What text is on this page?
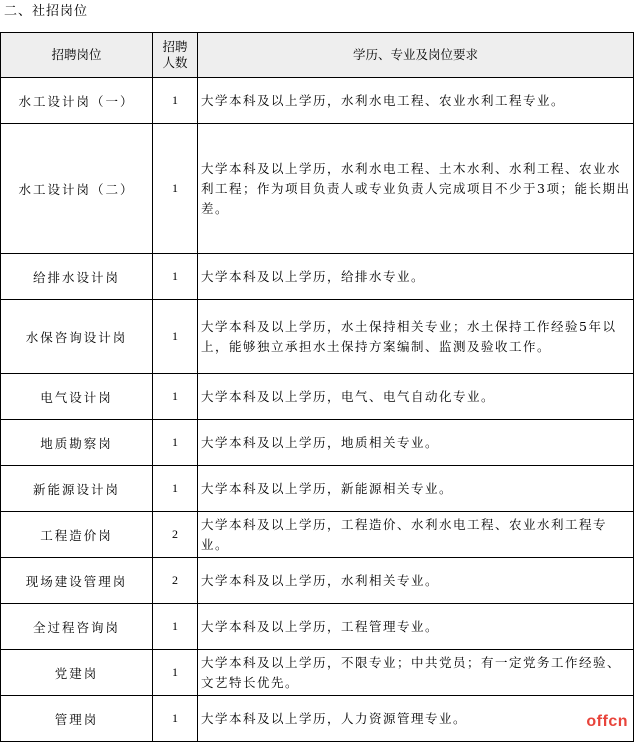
二、社招岗位
招聘岗位	招聘人数	学历、专业及岗位要求
水工设计岗（一）	1	大学本科及以上学历，水利水电工程、农业水利工程专业。
水工设计岗（二）	1	大学本科及以上学历，水利水电工程、土木水利、水利工程、农业水利工程；作为项目负责人或专业负责人完成项目不少于3项；能长期出差。
给排水设计岗	1	大学本科及以上学历，给排水专业。
水保咨询设计岗	1	大学本科及以上学历，水土保持相关专业；水土保持工作经验5年以上，能够独立承担水土保持方案编制、监测及验收工作。
电气设计岗	1	大学本科及以上学历，电气、电气自动化专业。
地质勘察岗	1	大学本科及以上学历，地质相关专业。
新能源设计岗	1	大学本科及以上学历，新能源相关专业。
工程造价岗	2	大学本科及以上学历，工程造价、水利水电工程、农业水利工程专业。
现场建设管理岗	2	大学本科及以上学历，水利相关专业。
全过程咨询岗	1	大学本科及以上学历，工程管理专业。
党建岗	1	大学本科及以上学历，不限专业；中共党员；有一定党务工作经验、文艺特长优先。
管理岗	1	大学本科及以上学历，人力资源管理专业。	offcn
